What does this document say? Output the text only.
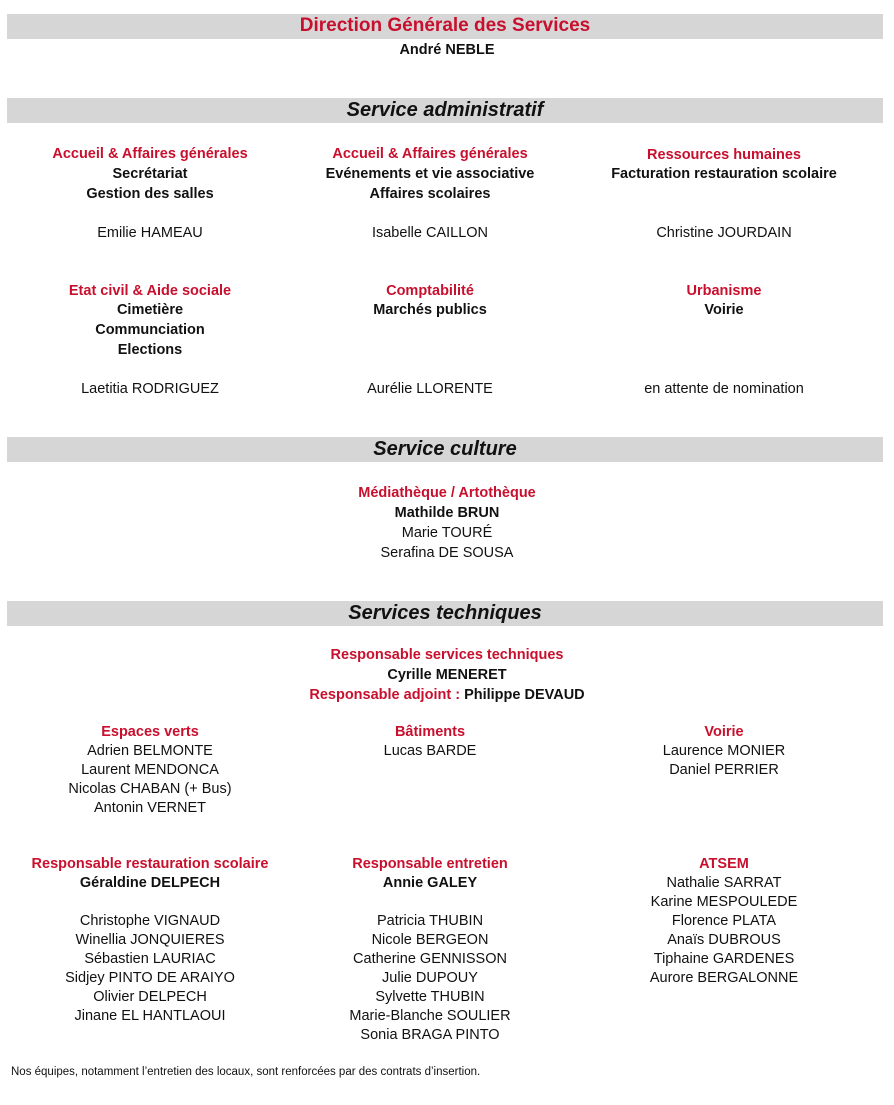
Direction Générale des Services
André NEBLE
Service administratif
Accueil & Affaires générales
Secrétariat
Gestion des salles
Emilie HAMEAU
Accueil & Affaires générales
Evénements et vie associative
Affaires scolaires
Isabelle CAILLON
Ressources humaines
Facturation restauration scolaire
Christine JOURDAIN
Etat civil & Aide sociale
Cimetière
Communciation
Elections
Laetitia RODRIGUEZ
Comptabilité
Marchés publics
Aurélie LLORENTE
Urbanisme
Voirie
en attente de nomination
Service culture
Médiathèque / Artothèque
Mathilde BRUN
Marie TOURÉ
Serafina DE SOUSA
Services techniques
Responsable services techniques
Cyrille MENERET
Responsable adjoint : Philippe DEVAUD
Espaces verts
Adrien BELMONTE
Laurent MENDONCA
Nicolas CHABAN (+ Bus)
Antonin VERNET
Bâtiments
Lucas BARDE
Voirie
Laurence MONIER
Daniel PERRIER
Responsable restauration scolaire
Géraldine DELPECH
Christophe VIGNAUD
Winellia JONQUIERES
Sébastien LAURIAC
Sidjey PINTO DE ARAIYO
Olivier DELPECH
Jinane EL HANTLAOUI
Responsable entretien
Annie GALEY
Patricia THUBIN
Nicole BERGEON
Catherine GENNISSON
Julie DUPOUY
Sylvette THUBIN
Marie-Blanche SOULIER
Sonia BRAGA PINTO
ATSEM
Nathalie SARRAT
Karine MESPOULEDE
Florence PLATA
Anaïs DUBROUS
Tiphaine GARDENES
Aurore BERGALONNE
Nos équipes, notamment l’entretien des locaux, sont renforcées par des contrats d’insertion.
